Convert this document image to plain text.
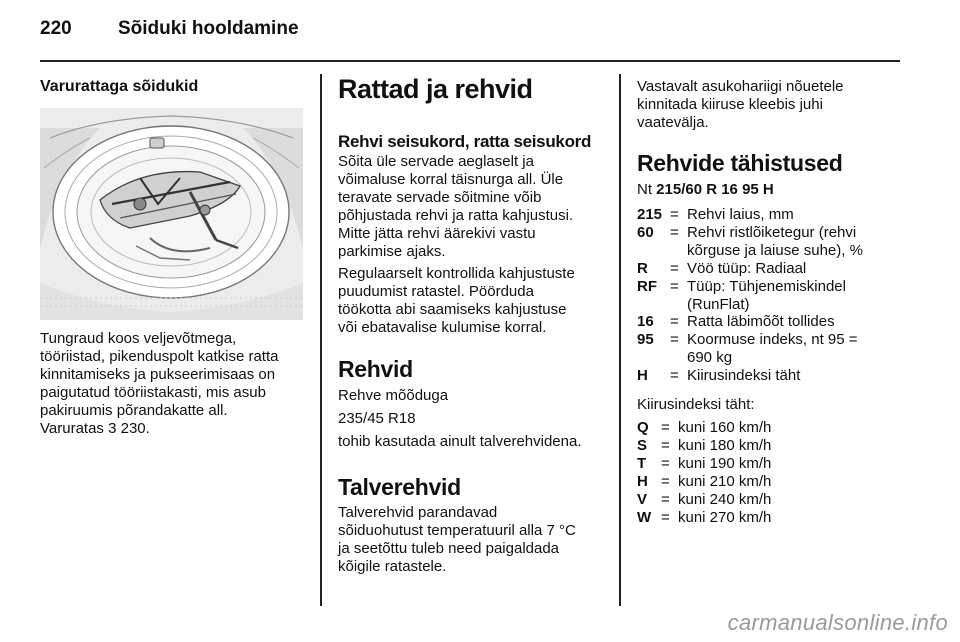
220 Sõiduki hooldamine
Varurattaga sõidukid
Tungraud koos veljevõtmega,
tööriistad, pikenduspolt katkise ratta
kinnitamiseks ja pukseerimisaas on
paigutatud tööriistakasti, mis asub
pakiruumis põrandakatte all.
Varuratas 3 230.
Rattad ja rehvid
Rehvi seisukord, ratta seisukord
Sõita üle servade aeglaselt ja
võimaluse korral täisnurga all. Üle
teravate servade sõitmine võib
põhjustada rehvi ja ratta kahjustusi.
Mitte jätta rehvi äärekivi vastu
parkimise ajaks.
Regulaarselt kontrollida kahjustuste
puudumist ratastel. Pöörduda
töökotta abi saamiseks kahjustuse
või ebatavalise kulumise korral.
Rehvid
Rehve mõõduga
235/45 R18
tohib kasutada ainult talverehvidena.
Talverehvid
Talverehvid parandavad
sõiduohutust temperatuuril alla 7 °C
ja seetõttu tuleb need paigaldada
kõigile ratastele.
Vastavalt asukohariigi nõuetele
kinnitada kiiruse kleebis juhi
vaatevälja.
Rehvide tähistused
Nt 215/60 R 16 95 H
215 = Rehvi laius, mm
60	= Rehvi ristlõiketegur (rehvi
kõrguse ja laiuse suhe), %
R	= Vöö tüüp: Radiaal
RF = Tüüp: Tühjenemiskindel
(RunFlat)
16	= Ratta läbimõõt tollides
95	= Koormuse indeks, nt 95 =
690 kg
H	= Kiirusindeksi täht
Kiirusindeksi täht:
Q = kuni 160 km/h
S = kuni 180 km/h
T = kuni 190 km/h
H = kuni 210 km/h
V = kuni 240 km/h
W = kuni 270 km/h
carmanualsonline.info
